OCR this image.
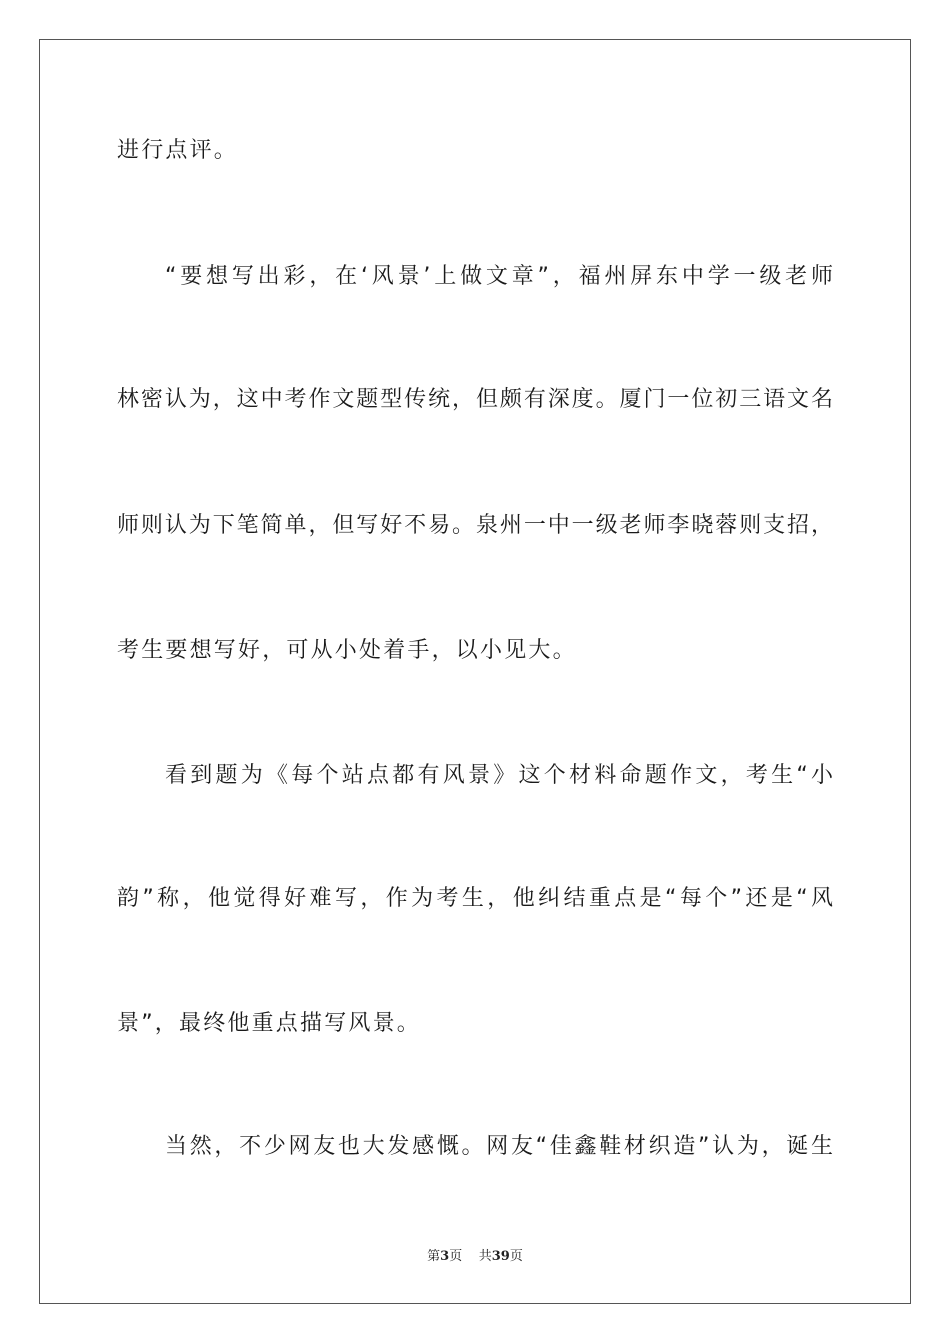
进行点评。
“要想写出彩，在‘风景’上做文章”，福州屏东中学一级老师
林密认为，这中考作文题型传统，但颇有深度。厦门一位初三语文名
师则认为下笔简单，但写好不易。泉州一中一级老师李晓蓉则支招，
考生要想写好，可从小处着手，以小见大。
看到题为《每个站点都有风景》这个材料命题作文，考生“小
韵”称，他觉得好难写，作为考生，他纠结重点是“每个”还是“风
景”，最终他重点描写风景。
当然，不少网友也大发感慨。网友“佳鑫鞋材织造”认为，诞生
第3页 共39页
